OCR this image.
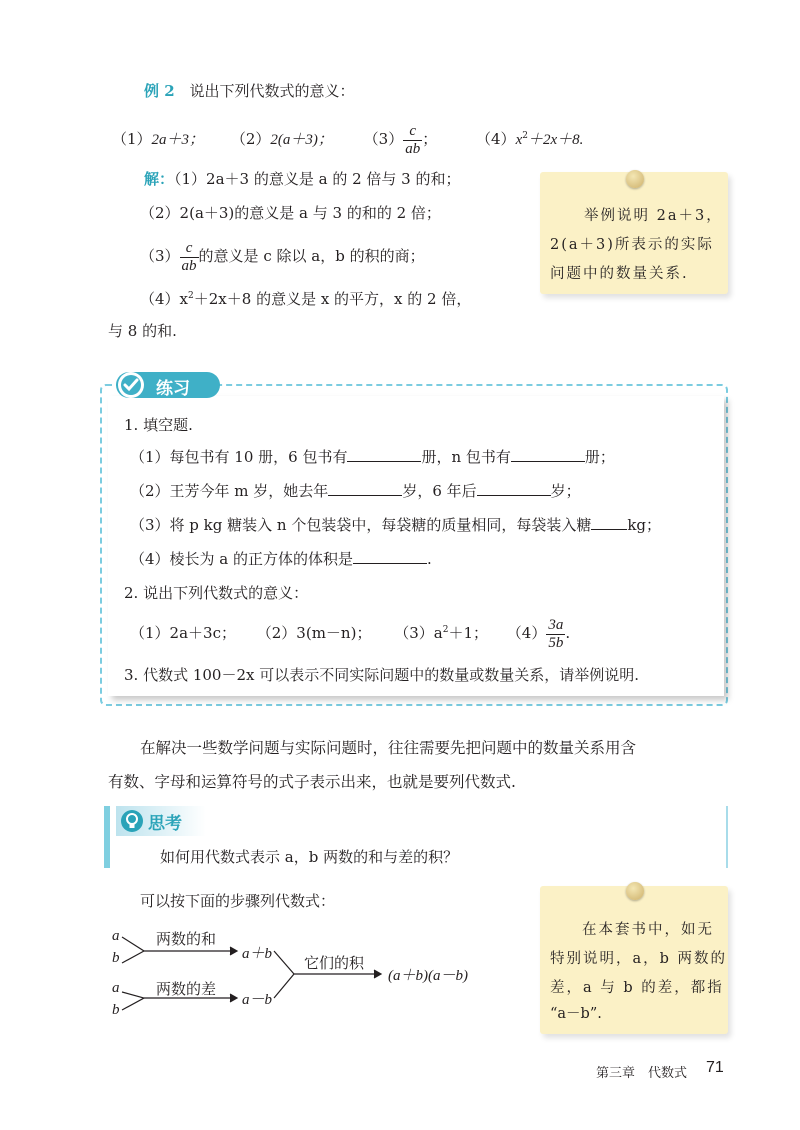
例 2 说出下列代数式的意义：
（1）2a＋3； （2）2(a＋3)； $(3) \frac{c}{ab}$ ；	$(4)x^2+2x+8$.
解：（1）2a＋3 的意义是 a 的 2 倍与 3 的和；
（2）2(a＋3)的意义是 a 与 3 的和的 2 倍；
$(3) \frac{c}{ab}$ 的意义是 c 除以 a，b 的积的商；
$(4)x^2+2x+8$ 的意义是 x 的平方，x 的 2 倍，
与 8 的和.
举例说明 2a＋3，
2(a＋3)所表示的实际
问题中的数量关系.
练习
1. 填空题.
（1）每包书有 10 册，6 包书有	册，n 包书有	册；
（2）王芳今年 m 岁，她去年	岁，6 年后	岁；
（3）将 p kg 糖装入 n 个包装袋中，每袋糖的质量相同，每袋装入糖 kg；
（4）棱长为 a 的正方体的体积是	.
2. 说出下列代数式的意义：
（1）2a＋3c； （2）3(m－n)； $(3)a^2+1$； $(4) \frac{3a}{5b}$ .
3. 代数式 100－2x 可以表示不同实际问题中的数量或数量关系，请举例说明.
在解决一些数学问题与实际问题时，往往需要先把问题中的数量关系用含
有数、字母和运算符号的式子表示出来，也就是要列代数式.
思考
如何用代数式表示 a，b 两数的和与差的积？
可以按下面的步骤列代数式：
a
b
两数的和
a＋b
a
b
两数的差
a－b
它们的积
(a＋b)(a－b)
在本套书中，如无
特别说明，a，b 两数的
差，a 与 b 的差，都指
“a－b”.
第三章　代数式 71
